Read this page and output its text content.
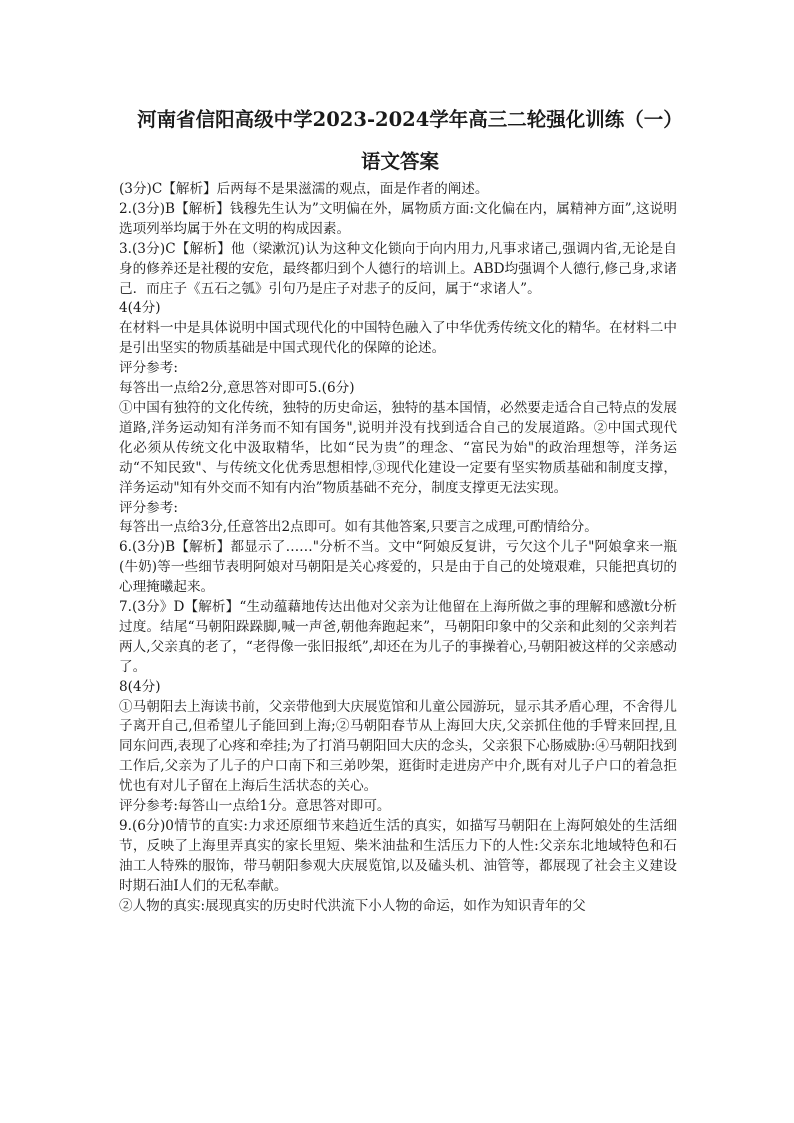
河南省信阳高级中学2023-2024学年高三二轮强化训练（一）
语文答案

(3分)C【解析】后两每不是果滋濡的观点，面是作者的阐述。

2.(3分)B【解析】钱穆先生认为”文明偏在外，属物质方面:文化偏在内，属精神方面”,这说明选项列举均属于外在文明的构成因素。

3.(3分)C【解析】他（梁漱沉)认为这种文化锁向于向内用力,凡事求诸己,强调内省,无论是自身的修养还是社稷的安危，最终都归到个人德行的培训上。ABD均强调个人德行,修己身,求诸己．而庄子《五石之瓠》引句乃是庄子对悲子的反问，属于“求诸人”。

4(4分)

在材料一中是具体说明中国式现代化的中国特色融入了中华优秀传统文化的精华。在材料二中是引出坚实的物质基础是中国式现代化的保障的论述。

评分参考:

每答出一点给2分,意思答对即可5.(6分)

①中国有独符的文化传统，独特的历史命运，独特的基本国情，必然要走适合自己特点的发展道路,洋务运动知有洋务而不知有国务",说明并没有找到适合自己的发展道路。②中国式现代化必须从传统文化中汲取精华，比如“民为贵”的理念、“富民为始"的政治理想等，洋务运动“不知民致"、与传统文化优秀思想相悖,③现代化建设一定要有坚实物质基础和制度支撑，洋务运动"知有外交而不知有内治”物质基础不充分，制度支撑更无法实现。

评分参考:

每答出一点给3分,任意答出2点即可。如有其他答案,只要言之成理,可酌情给分。

6.(3分)B【解析】都显示了……"分析不当。文中“阿娘反复讲，亏欠这个儿子"阿娘拿来一瓶(牛奶)等一些细节表明阿娘对马朝阳是关心疼爱的，只是由于自己的处境艰难，只能把真切的心理掩曦起来。

7.(3分》D【解析】“生动蕴藉地传达出他对父亲为让他留在上海所做之事的理解和感激t分析过度。结尾“马朝阳跺跺脚,喊一声爸,朝他奔跑起来”，马朝阳印象中的父亲和此刻的父亲判若两人,父亲真的老了，“老得像一张旧报纸”,却还在为儿子的事操着心,马朝阳被这样的父亲感动了。

8(4分)

①马朝阳去上海读书前，父亲带他到大庆展览馆和儿童公园游玩，显示其矛盾心理，不舍得儿子离开自己,但希望儿子能回到上海;②马朝阳春节从上海回大庆,父亲抓住他的手臂来回捏,且同东问西,表现了心疼和牵挂;为了打消马朝阳回大庆的念头，父亲狠下心肠威胁:④马朝阳找到工作后,父亲为了儿子的户口南下和三弟吵架，逛街时走进房产中介,既有对儿子户口的着急拒忧也有对儿子留在上海后生活状态的关心。

评分参考:每答山一点给1分。意思答对即可。

9.(6分)0情节的直实:力求还原细节来趋近生活的真实，如描写马朝阳在上海阿娘处的生活细节，反映了上海里弄真实的家长里短、柴米油盐和生活压力下的人性:父亲东北地域特色和石油工人特殊的服饰，带马朝阳参观大庆展览馆,以及磕头机、油管等，都展现了社会主义建设时期石油I人们的无私奉献。

②人物的真实:展现真实的历史时代洪流下小人物的命运，如作为知识青年的父
